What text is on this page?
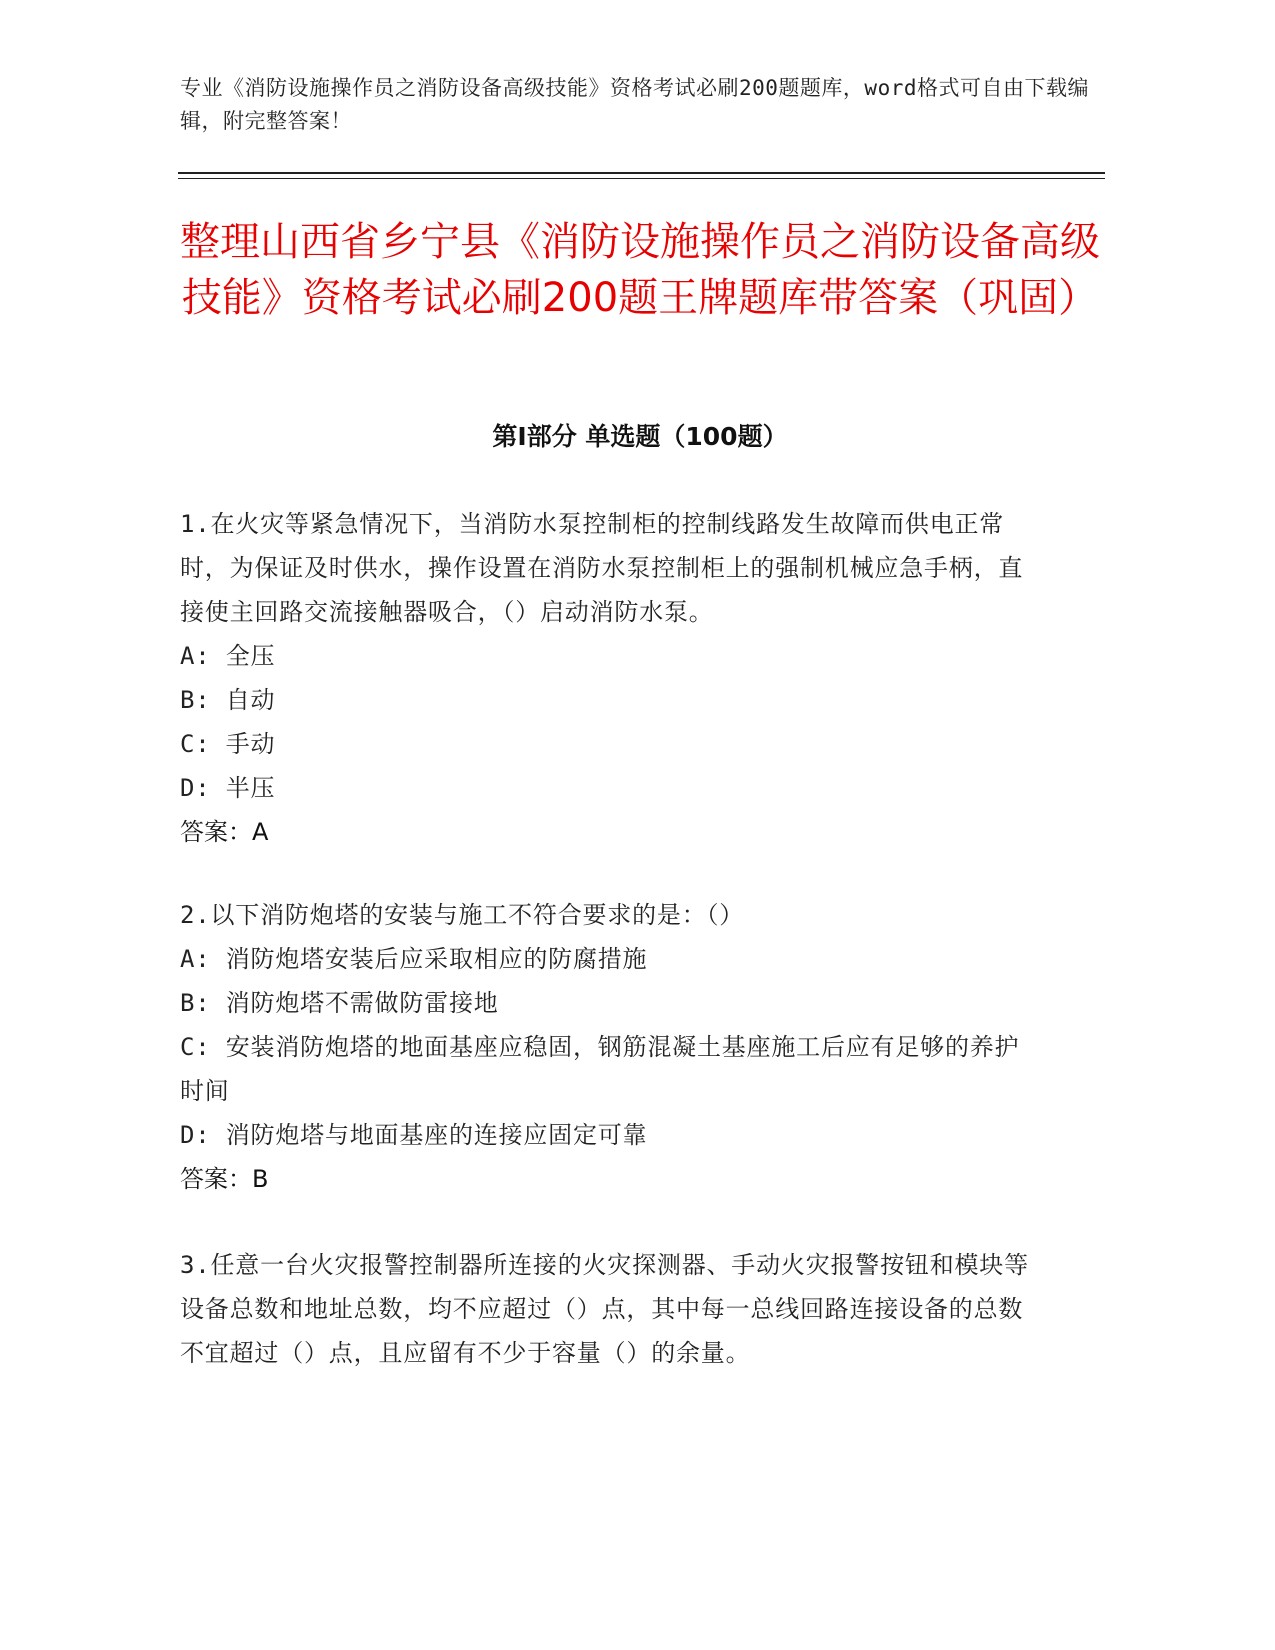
专业《消防设施操作员之消防设备高级技能》资格考试必刷200题题库，word格式可自由下载编辑，附完整答案！
整理山西省乡宁县《消防设施操作员之消防设备高级技能》资格考试必刷200题王牌题库带答案（巩固）
第Ⅰ部分 单选题（100题）

1.在火灾等紧急情况下，当消防水泵控制柜的控制线路发生故障而供电正常时，为保证及时供水，操作设置在消防水泵控制柜上的强制机械应急手柄，直接使主回路交流接触器吸合，（）启动消防水泵。

A: 全压

B: 自动

C: 手动

D: 半压

答案：A

2.以下消防炮塔的安装与施工不符合要求的是：（）

A: 消防炮塔安装后应采取相应的防腐措施

B: 消防炮塔不需做防雷接地

C: 安装消防炮塔的地面基座应稳固，钢筋混凝土基座施工后应有足够的养护时间

D: 消防炮塔与地面基座的连接应固定可靠

答案：B

3.任意一台火灾报警控制器所连接的火灾探测器、手动火灾报警按钮和模块等设备总数和地址总数，均不应超过（）点，其中每一总线回路连接设备的总数不宜超过（）点，且应留有不少于容量（）的余量。
